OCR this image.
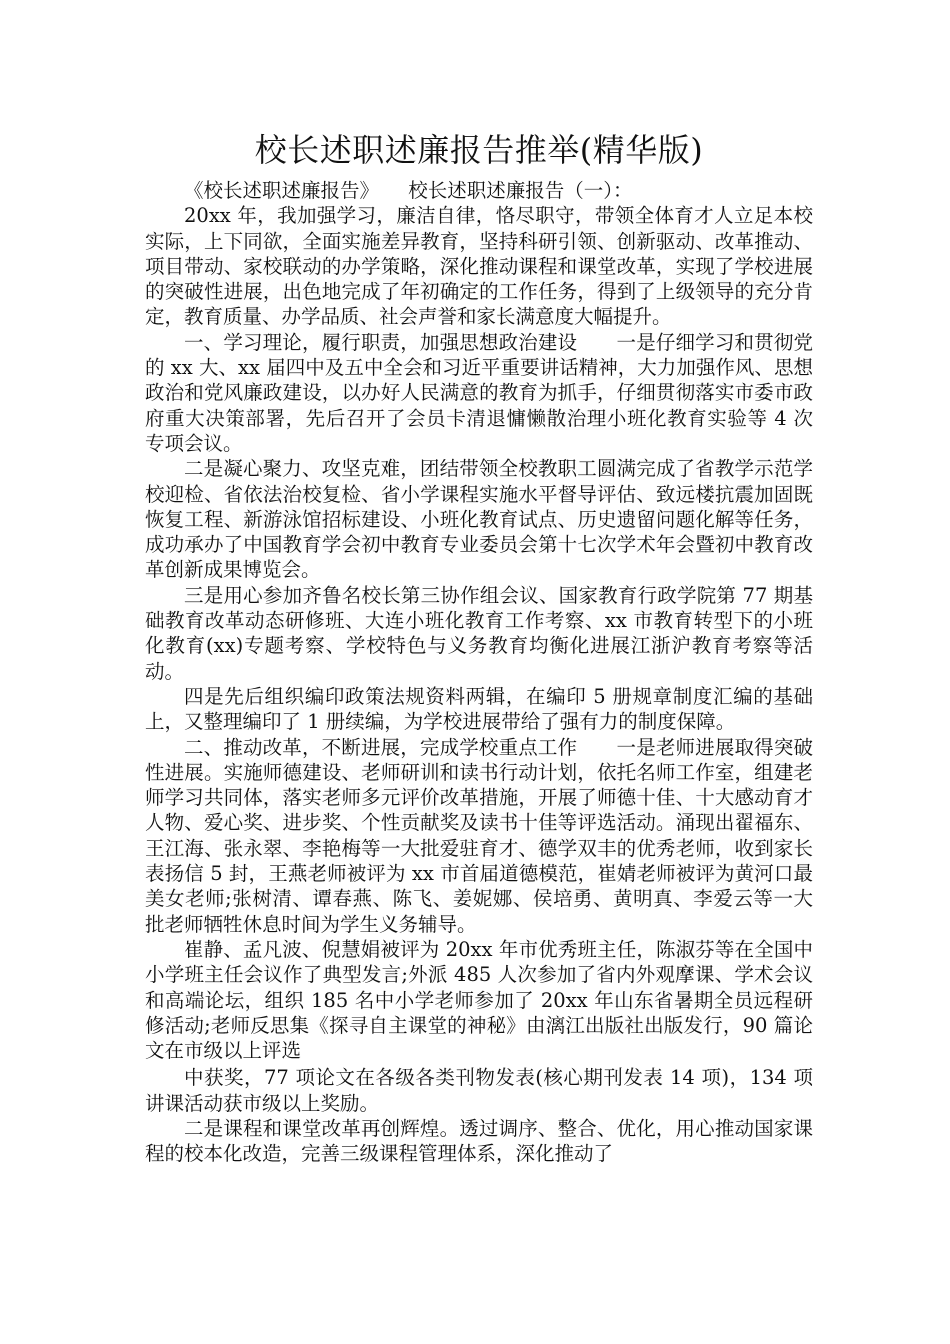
校长述职述廉报告推举(精华版)

《校长述职述廉报告》　　校长述职述廉报告（一）：

20xx 年，我加强学习，廉洁自律，恪尽职守，带领全体育才人立足本校实际，上下同欲，全面实施差异教育，坚持科研引领、创新驱动、改革推动、项目带动、家校联动的办学策略，深化推动课程和课堂改革，实现了学校进展的突破性进展，出色地完成了年初确定的工作任务，得到了上级领导的充分肯定，教育质量、办学品质、社会声誉和家长满意度大幅提升。

一、学习理论，履行职责，加强思想政治建设　　一是仔细学习和贯彻党的 xx 大、xx 届四中及五中全会和习近平重要讲话精神，大力加强作风、思想政治和党风廉政建设，以办好人民满意的教育为抓手，仔细贯彻落实市委市政府重大决策部署，先后召开了会员卡清退慵懒散治理小班化教育实验等 4 次专项会议。

二是凝心聚力、攻坚克难，团结带领全校教职工圆满完成了省教学示范学校迎检、省依法治校复检、省小学课程实施水平督导评估、致远楼抗震加固既恢复工程、新游泳馆招标建设、小班化教育试点、历史遗留问题化解等任务，成功承办了中国教育学会初中教育专业委员会第十七次学术年会暨初中教育改革创新成果博览会。

三是用心参加齐鲁名校长第三协作组会议、国家教育行政学院第 77 期基础教育改革动态研修班、大连小班化教育工作考察、xx 市教育转型下的小班化教育(xx)专题考察、学校特色与义务教育均衡化进展江浙沪教育考察等活动。

四是先后组织编印政策法规资料两辑，在编印 5 册规章制度汇编的基础上，又整理编印了 1 册续编，为学校进展带给了强有力的制度保障。

二、推动改革，不断进展，完成学校重点工作　　一是老师进展取得突破性进展。实施师德建设、老师研训和读书行动计划，依托名师工作室，组建老师学习共同体，落实老师多元评价改革措施，开展了师德十佳、十大感动育才人物、爱心奖、进步奖、个性贡献奖及读书十佳等评选活动。涌现出翟福东、王江海、张永翠、李艳梅等一大批爱驻育才、德学双丰的优秀老师，收到家长表扬信 5 封，王燕老师被评为 xx 市首届道德模范，崔婧老师被评为黄河口最美女老师;张树清、谭春燕、陈飞、姜妮娜、侯培勇、黄明真、李爱云等一大批老师牺牲休息时间为学生义务辅导。

崔静、孟凡波、倪慧娟被评为 20xx 年市优秀班主任，陈淑芬等在全国中小学班主任会议作了典型发言;外派 485 人次参加了省内外观摩课、学术会议和高端论坛，组织 185 名中小学老师参加了 20xx 年山东省暑期全员远程研修活动;老师反思集《探寻自主课堂的神秘》由漓江出版社出版发行，90 篇论文在市级以上评选

中获奖，77 项论文在各级各类刊物发表(核心期刊发表 14 项)，134 项讲课活动获市级以上奖励。

二是课程和课堂改革再创辉煌。透过调序、整合、优化，用心推动国家课程的校本化改造，完善三级课程管理体系，深化推动了
